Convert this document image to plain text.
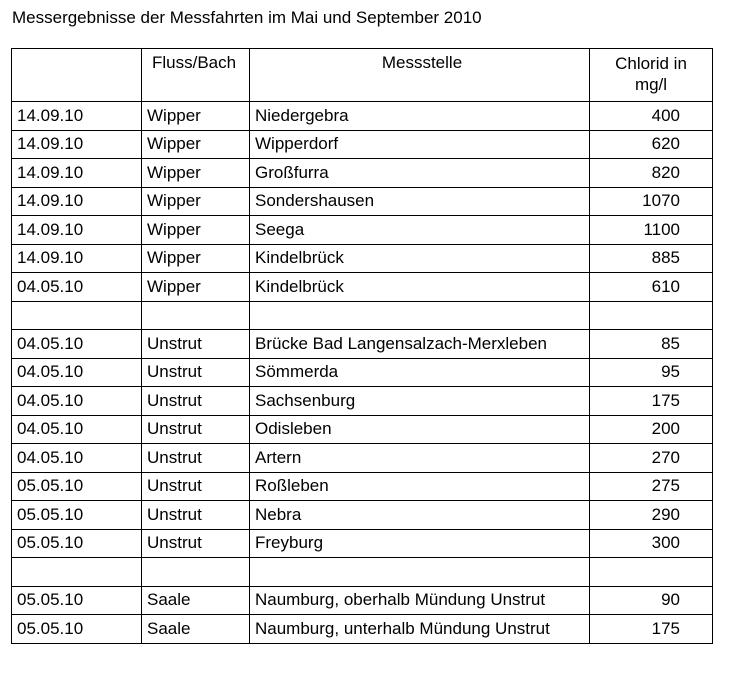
Messergebnisse der Messfahrten im Mai und September 2010
	Fluss/Bach	Messstelle	Chlorid in
mg/l
14.09.10	Wipper	Niedergebra	400
14.09.10	Wipper	Wipperdorf	620
14.09.10	Wipper	Großfurra	820
14.09.10	Wipper	Sondershausen	1070
14.09.10	Wipper	Seega	1100
14.09.10	Wipper	Kindelbrück	885
04.05.10	Wipper	Kindelbrück	610

04.05.10	Unstrut	Brücke Bad Langensalzach-Merxleben	85
04.05.10	Unstrut	Sömmerda	95
04.05.10	Unstrut	Sachsenburg	175
04.05.10	Unstrut	Odisleben	200
04.05.10	Unstrut	Artern	270
05.05.10	Unstrut	Roßleben	275
05.05.10	Unstrut	Nebra	290
05.05.10	Unstrut	Freyburg	300

05.05.10	Saale	Naumburg, oberhalb Mündung Unstrut	90
05.05.10	Saale	Naumburg, unterhalb Mündung Unstrut	175
